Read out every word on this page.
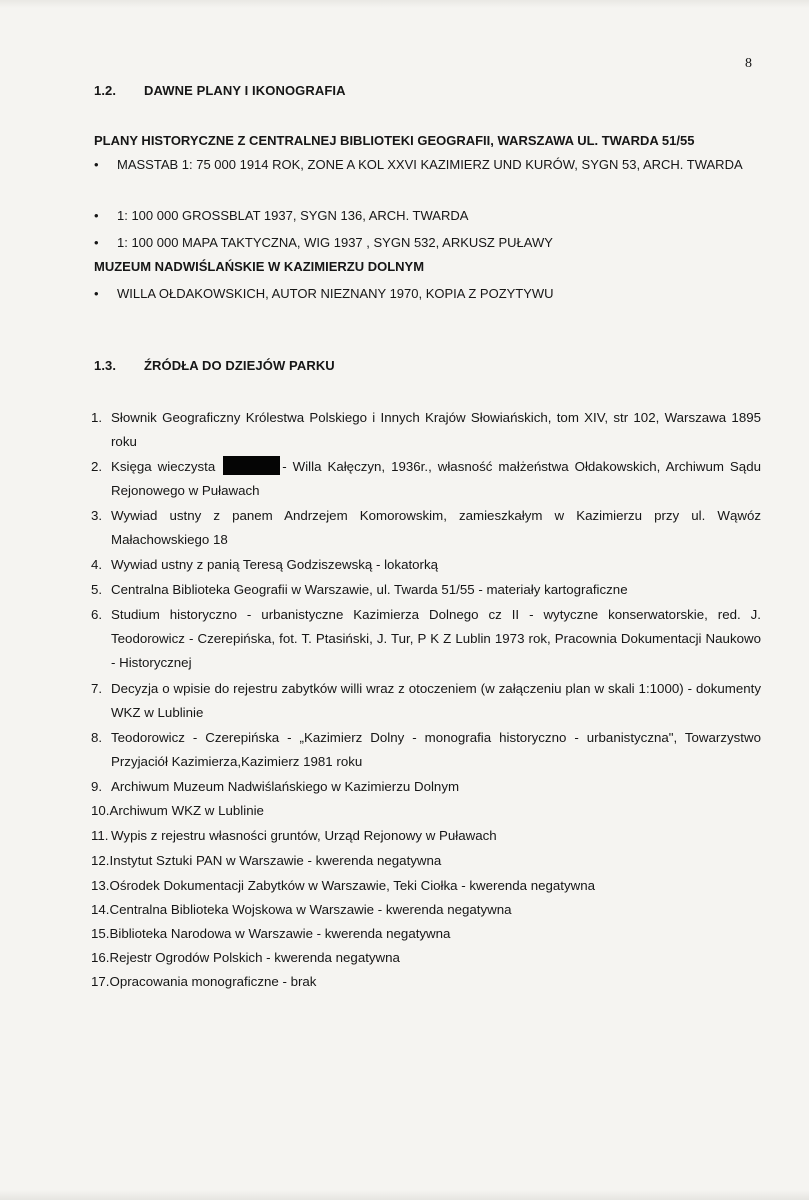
8
1.2. DAWNE PLANY I IKONOGRAFIA
PLANY HISTORYCZNE Z CENTRALNEJ BIBLIOTEKI GEOGRAFII, WARSZAWA UL. TWARDA 51/55
•	MASSTAB 1: 75 000 1914 ROK, ZONE A KOL XXVI KAZIMIERZ UND KURÓW, SYGN 53, ARCH. TWARDA
•	1: 100 000 GROSSBLAT 1937, SYGN 136, ARCH. TWARDA
•	1: 100 000 MAPA TAKTYCZNA, WIG 1937 , SYGN 532, ARKUSZ PUŁAWY
MUZEUM NADWIŚLAŃSKIE W KAZIMIERZU DOLNYM
•	WILLA OŁDAKOWSKICH, AUTOR NIEZNANY 1970, KOPIA Z POZYTYWU
1.3. ŹRÓDŁA DO DZIEJÓW PARKU
1. Słownik Geograficzny Królestwa Polskiego i Innych Krajów Słowiańskich, tom XIV, str 102, Warszawa 1895 roku
2. Księga wieczysta	- Willa Kałęczyn, 1936r., własność małżeństwa Ołdakowskich, Archiwum Sądu Rejonowego w Puławach
3. Wywiad ustny z panem Andrzejem Komorowskim, zamieszkałym w Kazimierzu przy ul. Wąwóz Małachowskiego 18
4. Wywiad ustny z panią Teresą Godziszewską - lokatorką
5. Centralna Biblioteka Geografii w Warszawie, ul. Twarda 51/55 - materiały kartograficzne
6. Studium historyczno - urbanistyczne Kazimierza Dolnego cz II - wytyczne konserwatorskie, red. J. Teodorowicz - Czerepińska, fot. T. Ptasiński, J. Tur, P K Z Lublin 1973 rok, Pracownia Dokumentacji Naukowo - Historycznej
7. Decyzja o wpisie do rejestru zabytków willi wraz z otoczeniem (w załączeniu plan w skali 1:1000) - dokumenty WKZ w Lublinie
8. Teodorowicz - Czerepińska - „Kazimierz Dolny - monografia historyczno - urbanistyczna", Towarzystwo Przyjaciół Kazimierza,Kazimierz 1981 roku
9. Archiwum Muzeum Nadwiślańskiego w Kazimierzu Dolnym
10.Archiwum WKZ w Lublinie
11. Wypis z rejestru własności gruntów, Urząd Rejonowy w Puławach
12.Instytut Sztuki PAN w Warszawie - kwerenda negatywna
13.Ośrodek Dokumentacji Zabytków w Warszawie, Teki Ciołka - kwerenda negatywna
14.Centralna Biblioteka Wojskowa w Warszawie - kwerenda negatywna
15.Biblioteka Narodowa w Warszawie - kwerenda negatywna
16.Rejestr Ogrodów Polskich - kwerenda negatywna
17.Opracowania monograficzne - brak
